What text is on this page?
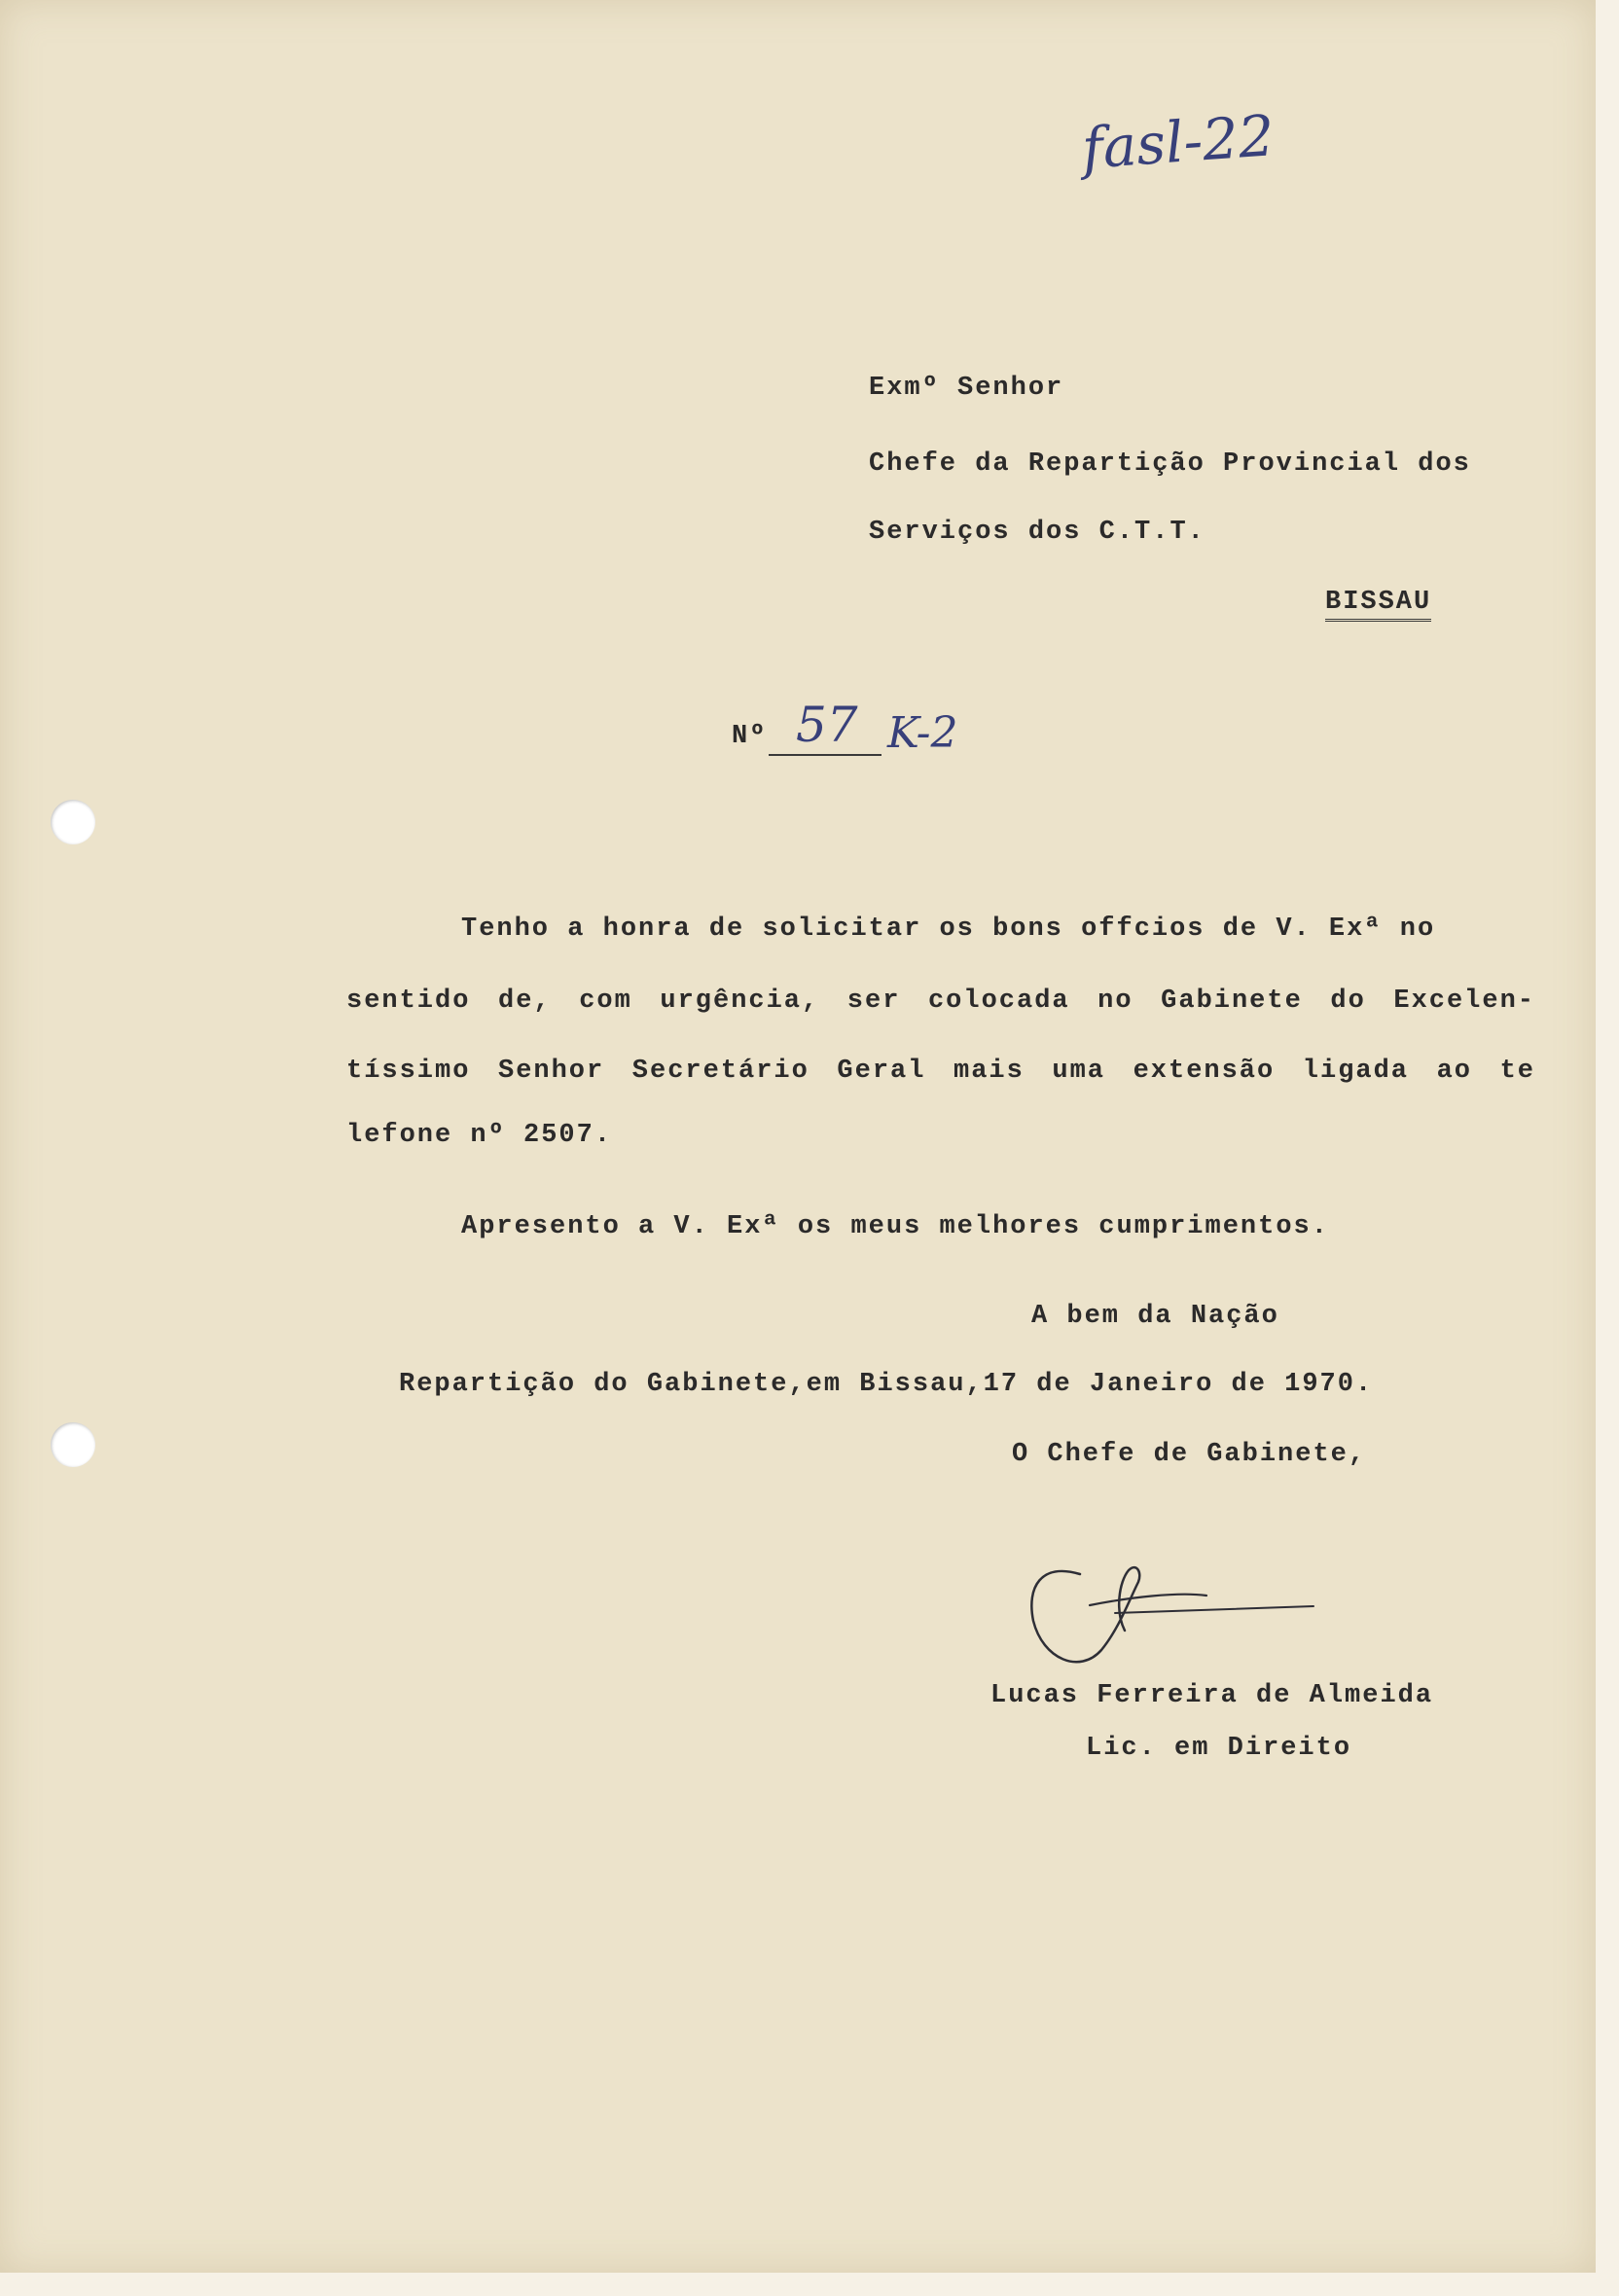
fasl-22
Exmº Senhor
Chefe da Repartição Provincial dos
Serviços dos C.T.T.
BISSAU
Nº 57 K-2
Tenho a honra de solicitar os bons offcios de V. Exª no
sentido de, com urgência, ser colocada no Gabinete do Excelen-
tíssimo Senhor Secretário Geral mais uma extensão ligada ao te
lefone nº 2507.
Apresento a V. Exª os meus melhores cumprimentos.
A bem da Nação
Repartição do Gabinete,em Bissau,17 de Janeiro de 1970.
O Chefe de Gabinete,
Lucas Ferreira de Almeida
Lic. em Direito
